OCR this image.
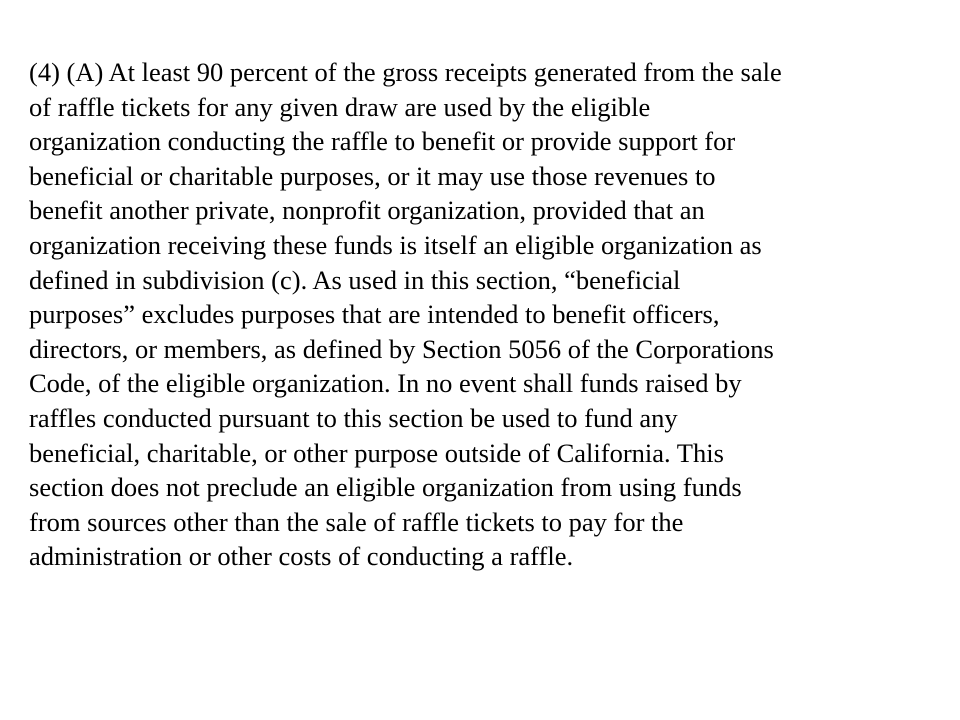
(4) (A) At least 90 percent of the gross receipts generated from the sale
of raffle tickets for any given draw are used by the eligible
organization conducting the raffle to benefit or provide support for
beneficial or charitable purposes, or it may use those revenues to
benefit another private, nonprofit organization, provided that an
organization receiving these funds is itself an eligible organization as
defined in subdivision (c). As used in this section, “beneficial
purposes” excludes purposes that are intended to benefit officers,
directors, or members, as defined by Section 5056 of the Corporations
Code, of the eligible organization. In no event shall funds raised by
raffles conducted pursuant to this section be used to fund any
beneficial, charitable, or other purpose outside of California. This
section does not preclude an eligible organization from using funds
from sources other than the sale of raffle tickets to pay for the
administration or other costs of conducting a raffle.
